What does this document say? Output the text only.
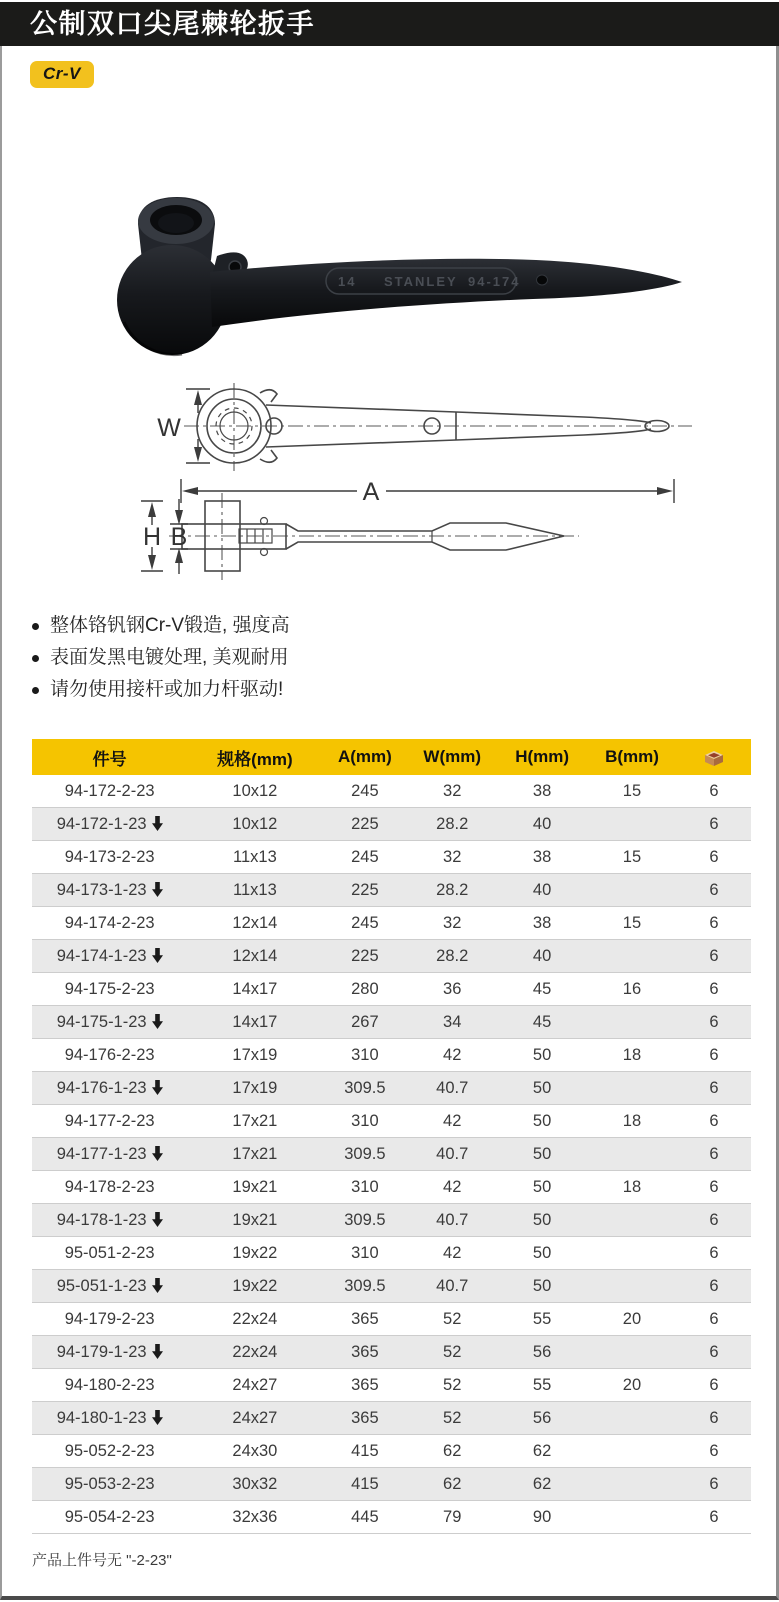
公制双口尖尾棘轮扳手
Cr-V
14 STANLEY 94-174
W
A
H B
整体铬钒钢Cr-V锻造, 强度高
表面发黑电镀处理, 美观耐用
请勿使用接杆或加力杆驱动!
件号	规格(mm)	A(mm)	W(mm)	H(mm)	B(mm)	
94-172-2-23	10x12	245	32	38	15	6
94-172-1-23	10x12	225	28.2	40		6
94-173-2-23	11x13	245	32	38	15	6
94-173-1-23	11x13	225	28.2	40		6
94-174-2-23	12x14	245	32	38	15	6
94-174-1-23	12x14	225	28.2	40		6
94-175-2-23	14x17	280	36	45	16	6
94-175-1-23	14x17	267	34	45		6
94-176-2-23	17x19	310	42	50	18	6
94-176-1-23	17x19	309.5	40.7	50		6
94-177-2-23	17x21	310	42	50	18	6
94-177-1-23	17x21	309.5	40.7	50		6
94-178-2-23	19x21	310	42	50	18	6
94-178-1-23	19x21	309.5	40.7	50		6
95-051-2-23	19x22	310	42	50		6
95-051-1-23	19x22	309.5	40.7	50		6
94-179-2-23	22x24	365	52	55	20	6
94-179-1-23	22x24	365	52	56		6
94-180-2-23	24x27	365	52	55	20	6
94-180-1-23	24x27	365	52	56		6
95-052-2-23	24x30	415	62	62		6
95-053-2-23	30x32	415	62	62		6
95-054-2-23	32x36	445	79	90		6

产品上件号无 "-2-23"
